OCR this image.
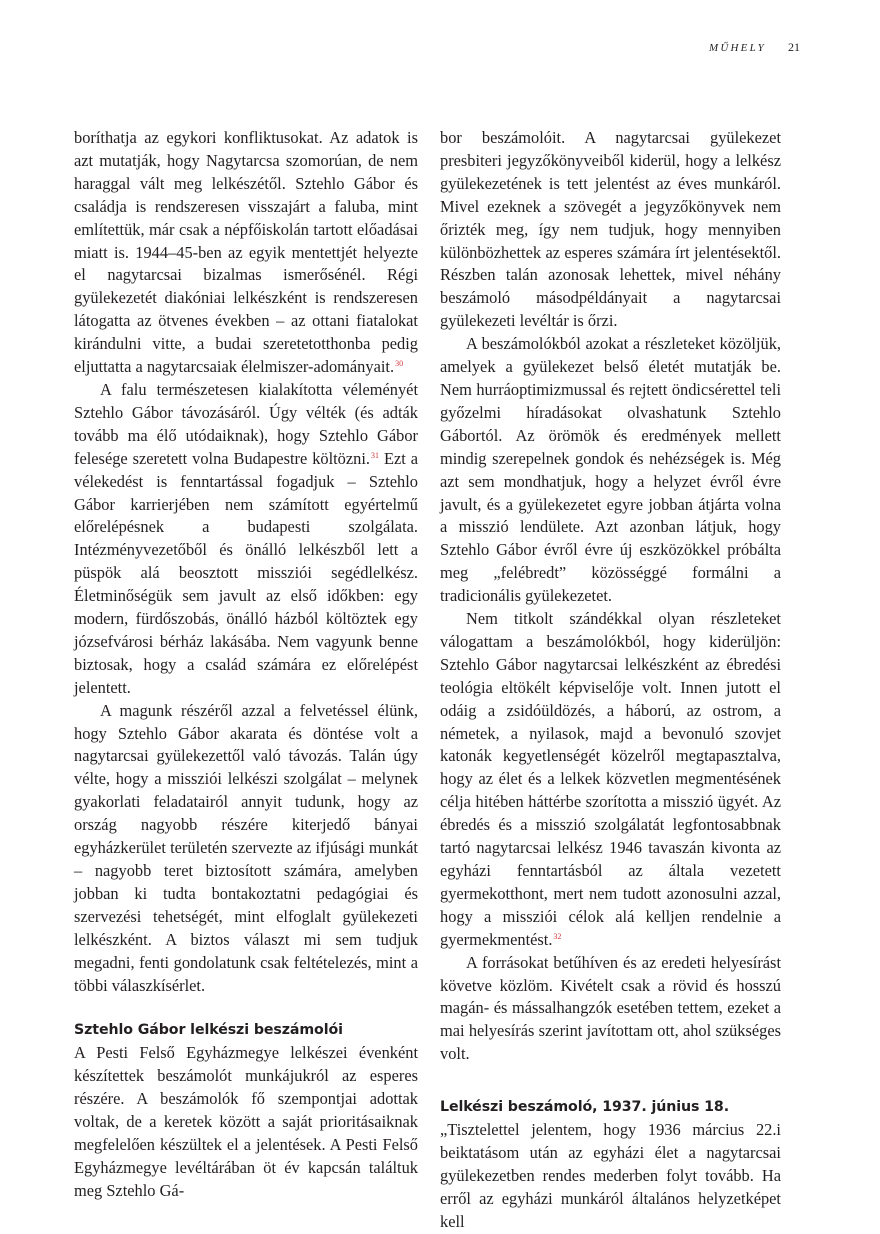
MŰHELY 21

boríthatja az egykori konfliktusokat. Az adatok is azt mutatják, hogy Nagytarcsa szomorúan, de nem haraggal vált meg lelkészétől. Sztehlo Gábor és családja is rendszeresen visszajárt a faluba, mint említettük, már csak a népfőiskolán tartott előadásai miatt is. 1944–45-ben az egyik mentettjét helyezte el nagytarcsai bizalmas ismerősénél. Régi gyülekezetét diakóniai lelkészként is rendszeresen látogatta az ötvenes években – az ottani fiatalokat kirándulni vitte, a budai szeretetotthonba pedig eljuttatta a nagytarcsaiak élelmiszer-adományait.$^{30}$

A falu természetesen kialakította véleményét Sztehlo Gábor távozásáról. Úgy vélték (és adták tovább ma élő utódaiknak), hogy Sztehlo Gábor felesége szeretett volna Budapestre költözni.$^{31}$ Ezt a vélekedést is fenntartással fogadjuk – Sztehlo Gábor karrierjében nem számított egyértelmű előrelépésnek a budapesti szolgálata. Intézményvezetőből és önálló lelkészből lett a püspök alá beosztott missziói segédlelkész. Életminőségük sem javult az első időkben: egy modern, fürdőszobás, önálló házból költöztek egy józsefvárosi bérház lakásába. Nem vagyunk benne biztosak, hogy a család számára ez előrelépést jelentett.

A magunk részéről azzal a felvetéssel élünk, hogy Sztehlo Gábor akarata és döntése volt a nagytarcsai gyülekezettől való távozás. Talán úgy vélte, hogy a missziói lelkészi szolgálat – melynek gyakorlati feladatairól annyit tudunk, hogy az ország nagyobb részére kiterjedő bányai egyházkerület területén szervezte az ifjúsági munkát – nagyobb teret biztosított számára, amelyben jobban ki tudta bontakoztatni pedagógiai és szervezési tehetségét, mint elfoglalt gyülekezeti lelkészként. A biztos választ mi sem tudjuk megadni, fenti gondolatunk csak feltételezés, mint a többi válaszkísérlet.

Sztehlo Gábor lelkészi beszámolói

A Pesti Felső Egyházmegye lelkészei évenként készítettek beszámolót munkájukról az esperes részére. A beszámolók fő szempontjai adottak voltak, de a keretek között a saját prioritásaiknak megfelelően készültek el a jelentések. A Pesti Felső Egyházmegye levéltárában öt év kapcsán találtuk meg Sztehlo Gá-

bor beszámolóit. A nagytarcsai gyülekezet presbiteri jegyzőkönyveiből kiderül, hogy a lelkész gyülekezetének is tett jelentést az éves munkáról. Mivel ezeknek a szövegét a jegyzőkönyvek nem őrizték meg, így nem tudjuk, hogy mennyiben különbözhettek az esperes számára írt jelentésektől. Részben talán azonosak lehettek, mivel néhány beszámoló másodpéldányait a nagytarcsai gyülekezeti levéltár is őrzi.

A beszámolókból azokat a részleteket közöljük, amelyek a gyülekezet belső életét mutatják be. Nem hurráoptimizmussal és rejtett öndicsérettel teli győzelmi híradásokat olvashatunk Sztehlo Gábortól. Az örömök és eredmények mellett mindig szerepelnek gondok és nehézségek is. Még azt sem mondhatjuk, hogy a helyzet évről évre javult, és a gyülekezetet egyre jobban átjárta volna a misszió lendülete. Azt azonban látjuk, hogy Sztehlo Gábor évről évre új eszközökkel próbálta meg „felébredt” közösséggé formálni a tradicionális gyülekezetet.

Nem titkolt szándékkal olyan részleteket válogattam a beszámolókból, hogy kiderüljön: Sztehlo Gábor nagytarcsai lelkészként az ébredési teológia eltökélt képviselője volt. Innen jutott el odáig a zsidóüldözés, a háború, az ostrom, a németek, a nyilasok, majd a bevonuló szovjet katonák kegyetlenségét közelről megtapasztalva, hogy az élet és a lelkek közvetlen megmentésének célja hitében háttérbe szorította a misszió ügyét. Az ébredés és a misszió szolgálatát legfontosabbnak tartó nagytarcsai lelkész 1946 tavaszán kivonta az egyházi fenntartásból az általa vezetett gyermekotthont, mert nem tudott azonosulni azzal, hogy a missziói célok alá kelljen rendelnie a gyermekmentést.$^{32}$

A forrásokat betűhíven és az eredeti helyesírást követve közlöm. Kivételt csak a rövid és hosszú magán- és mássalhangzók esetében tettem, ezeket a mai helyesírás szerint javítottam ott, ahol szükséges volt.

Lelkészi beszámoló, 1937. június 18.

„Tisztelettel jelentem, hogy 1936 március 22.i beiktatásom után az egyházi élet a nagytarcsai gyülekezetben rendes mederben folyt tovább. Ha erről az egyházi munkáról általános helyzetképet kell
